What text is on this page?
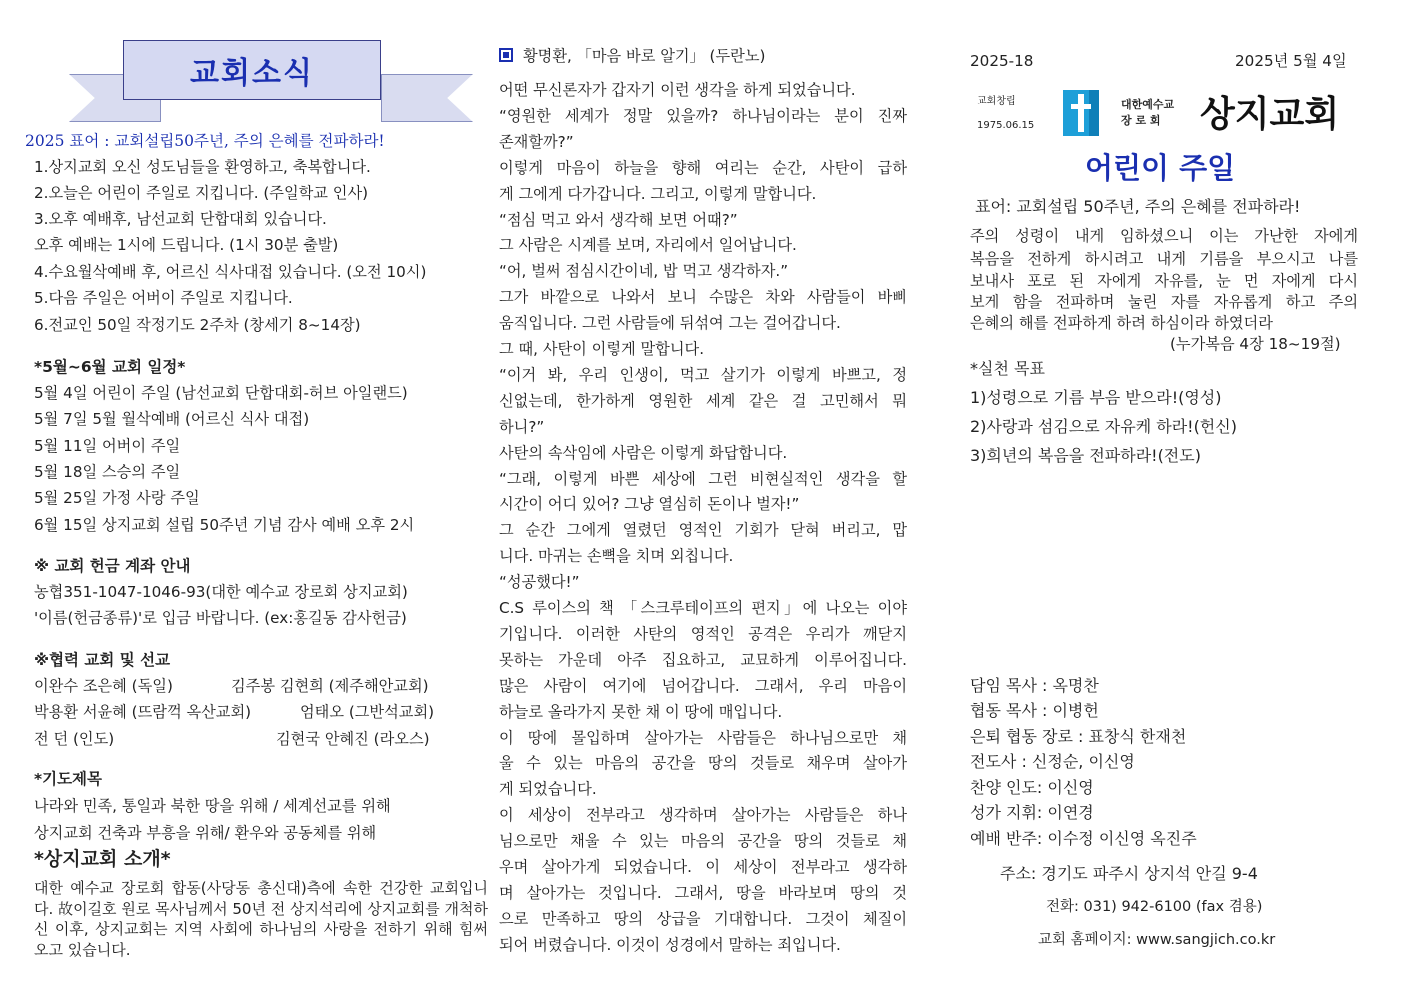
교회소식
2025 표어 : 교회설립50주년, 주의 은혜를 전파하라!
1.상지교회 오신 성도님들을 환영하고, 축복합니다.
2.오늘은 어린이 주일로 지킵니다. (주일학교 인사)
3.오후 예배후, 남선교회 단합대회 있습니다.
오후 예배는 1시에 드립니다. (1시 30분 출발)
4.수요월삭예배 후, 어르신 식사대접 있습니다. (오전 10시)
5.다음 주일은 어버이 주일로 지킵니다.
6.전교인 50일 작정기도 2주차 (창세기 8~14장)
*5월~6월 교회 일정*
5월 4일 어린이 주일 (남선교회 단합대회-허브 아일랜드)
5월 7일 5월 월삭예배 (어르신 식사 대접)
5월 11일 어버이 주일
5월 18일 스승의 주일
5월 25일 가정 사랑 주일
6월 15일 상지교회 설립 50주년 기념 감사 예배 오후 2시
※ 교회 헌금 계좌 안내
농협351-1047-1046-93(대한 예수교 장로회 상지교회)
'이름(헌금종류)'로 입금 바랍니다. (ex:홍길동 감사헌금)
※협력 교회 및 선교
이완수 조은혜 (독일)	김주봉 김현희 (제주해안교회)
박용환 서윤혜 (뜨람꺽 옥산교회)	엄태오 (그반석교회)
전 던 (인도)	김현국 안혜진 (라오스)
*기도제목
나라와 민족, 통일과 북한 땅을 위해 / 세계선교를 위해
상지교회 건축과 부흥을 위해/ 환우와 공동체를 위해
*상지교회 소개*
대한 예수교 장로회 합동(사당동 총신대)측에 속한 건강한 교회입니다. 故이길호 원로 목사님께서 50년 전 상지석리에 상지교회를 개척하신 이후, 상지교회는 지역 사회에 하나님의 사랑을 전하기 위해 힘써 오고 있습니다.
황명환, 「마음 바로 알기」 (두란노)
어떤 무신론자가 갑자기 이런 생각을 하게 되었습니다.
“영원한 세계가 정말 있을까? 하나님이라는 분이 진짜
존재할까?”
이렇게 마음이 하늘을 향해 여리는 순간, 사탄이 급하
게 그에게 다가갑니다. 그리고, 이렇게 말합니다.
“점심 먹고 와서 생각해 보면 어때?”
그 사람은 시계를 보며, 자리에서 일어납니다.
“어, 벌써 점심시간이네, 밥 먹고 생각하자.”
그가 바깥으로 나와서 보니 수많은 차와 사람들이 바삐
움직입니다. 그런 사람들에 뒤섞여 그는 걸어갑니다.
그 때, 사탄이 이렇게 말합니다.
“이거 봐, 우리 인생이, 먹고 살기가 이렇게 바쁘고, 정
신없는데, 한가하게 영원한 세계 같은 걸 고민해서 뭐
하니?”
사탄의 속삭임에 사람은 이렇게 화답합니다.
“그래, 이렇게 바쁜 세상에 그런 비현실적인 생각을 할
시간이 어디 있어? 그냥 열심히 돈이나 벌자!”
그 순간 그에게 열렸던 영적인 기회가 닫혀 버리고, 맙
니다. 마귀는 손뼉을 치며 외칩니다.
“성공했다!”
C.S 루이스의 책 「스크루테이프의 편지」에 나오는 이야
기입니다. 이러한 사탄의 영적인 공격은 우리가 깨닫지
못하는 가운데 아주 집요하고, 교묘하게 이루어집니다.
많은 사람이 여기에 넘어갑니다. 그래서, 우리 마음이
하늘로 올라가지 못한 채 이 땅에 매입니다.
이 땅에 몰입하며 살아가는 사람들은 하나님으로만 채
울 수 있는 마음의 공간을 땅의 것들로 채우며 살아가
게 되었습니다.
이 세상이 전부라고 생각하며 살아가는 사람들은 하나
님으로만 채울 수 있는 마음의 공간을 땅의 것들로 채
우며 살아가게 되었습니다. 이 세상이 전부라고 생각하
며 살아가는 것입니다. 그래서, 땅을 바라보며 땅의 것
으로 만족하고 땅의 상급을 기대합니다. 그것이 체질이
되어 버렸습니다. 이것이 성경에서 말하는 죄입니다.
2025-18	2025년 5월 4일
교회창립
1975.06.15
대한예수교
장 로 회 상지교회
어린이 주일
표어: 교회설립 50주년, 주의 은혜를 전파하라!
주의 성령이 내게 임하셨으니 이는 가난한 자에게
복음을 전하게 하시려고 내게 기름을 부으시고 나를
보내사 포로 된 자에게 자유를, 눈 먼 자에게 다시
보게 함을 전파하며 눌린 자를 자유롭게 하고 주의
은혜의 해를 전파하게 하려 하심이라 하였더라
(누가복음 4장 18~19절)
*실천 목표
1)성령으로 기름 부음 받으라!(영성)
2)사랑과 섬김으로 자유케 하라!(헌신)
3)희년의 복음을 전파하라!(전도)
담임 목사 : 옥명찬
협동 목사 : 이병헌
은퇴 협동 장로 : 표창식 한재천
전도사 : 신정순, 이신영
찬양 인도: 이신영
성가 지휘: 이연경
예배 반주: 이수정 이신영 옥진주
주소: 경기도 파주시 상지석 안길 9-4
전화: 031) 942-6100 (fax 겸용)
교회 홈페이지: www.sangjich.co.kr
